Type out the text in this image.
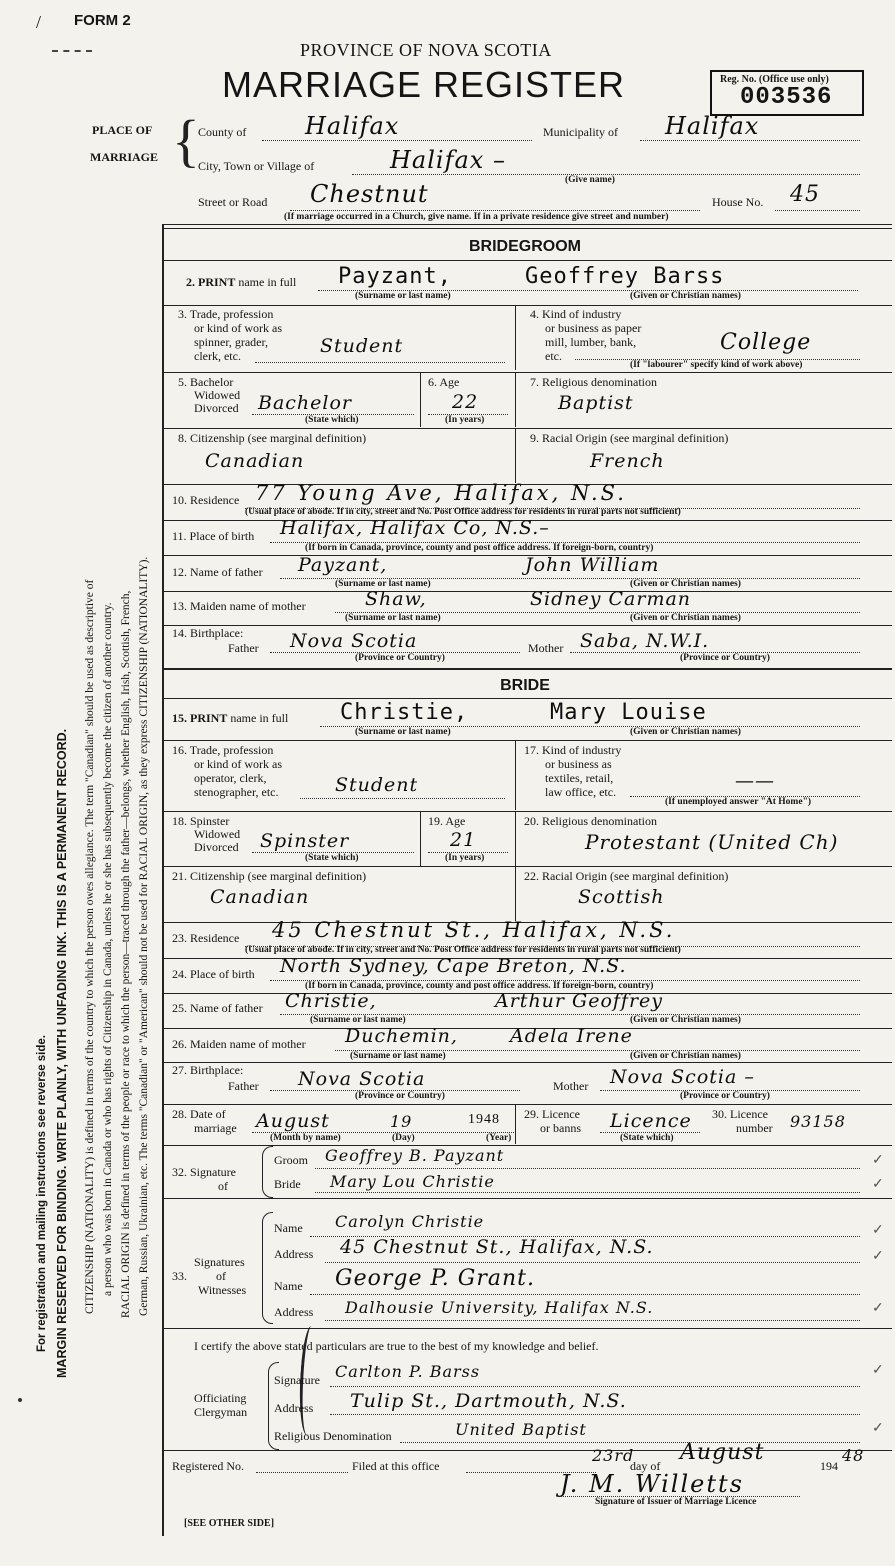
/ FORM 2
PROVINCE OF NOVA SCOTIA
MARRIAGE REGISTER	Reg. No. (Office use only)
003536
PLACE OF
MARRIAGE {
County of Halifax	Municipality of Halifax
City, Town or Village of	Halifax –
(Give name)
Street or Road Chestnut	House No. 45
(If marriage occurred in a Church, give name. If in a private residence give street and number)
For registration and mailing instructions see reverse side. MARGIN RESERVED FOR BINDING. WRITE PLAINLY, WITH UNFADING INK. THIS IS A PERMANENT RECORD. CITIZENSHIP (NATIONALITY) is defined in terms of the country to which the person owes allegiance. The term "Canadian" should be used as descriptive of a person who was born in Canada or who has rights of Citizenship in Canada, unless he or she has subsequently become the citizen of another country. RACIAL ORIGIN is defined in terms of the people or race to which the person—traced through the father—belongs, whether English, Irish, Scottish, French, German, Russian, Ukrainian, etc. The terms "Canadian" or "American" should not be used for RACIAL ORIGIN, as they express CITIZENSHIP (NATIONALITY).
BRIDEGROOM
2. PRINT name in full Payzant,	Geoffrey Barss
(Surname or last name)	(Given or Christian names)
3. Trade, profession
or kind of work as
spinner, grader,
clerk, etc.	Student
4. Kind of industry
or business as paper
mill, lumber, bank,
etc.
College
(If "labourer" specify kind of work above)
5. Bachelor
Widowed
Divorced Bachelor
(State which)
6. Age
22
(In years)
7. Religious denomination
Baptist
8. Citizenship (see marginal definition)
Canadian
9. Racial Origin (see marginal definition)
French
10. Residence 77 Young Ave, Halifax, N.S.
(Usual place of abode. If in city, street and No. Post Office address for residents in rural parts not sufficient)
11. Place of birth Halifax, Halifax Co, N.S.–
(If born in Canada, province, county and post office address. If foreign-born, country)
12. Name of father Payzant,	John William
(Surname or last name)	(Given or Christian names)
13. Maiden name of mother	Shaw,	Sidney Carman
(Surname or last name)	(Given or Christian names)
14. Birthplace:
Father Nova Scotia
(Province or Country)
Mother Saba, N.W.I.
(Province or Country)
BRIDE
15. PRINT name in full Christie,	Mary Louise
(Surname or last name)	(Given or Christian names)
16. Trade, profession
or kind of work as
operator, clerk,
stenographer, etc.	Student
17. Kind of industry
or business as
textiles, retail,
law office, etc.	——
(If unemployed answer "At Home")
18. Spinster
Widowed
Divorced Spinster
(State which)
19. Age
21
(In years)
20. Religious denomination
Protestant (United Ch)
21. Citizenship (see marginal definition)
Canadian
22. Racial Origin (see marginal definition)
Scottish
23. Residence 45 Chestnut St., Halifax, N.S.
(Usual place of abode. If in city, street and No. Post Office address for residents in rural parts not sufficient)
24. Place of birth North Sydney, Cape Breton, N.S.
(If born in Canada, province, county and post office address. If foreign-born, country)
25. Name of father Christie,	Arthur Geoffrey
(Surname or last name)	(Given or Christian names)
26. Maiden name of mother Duchemin,	Adela Irene
(Surname or last name)	(Given or Christian names)
27. Birthplace:
Father Nova Scotia
(Province or Country)
Mother Nova Scotia –
(Province or Country)
28. Date of
marriage August	19	1948
(Month by name)	(Day)	(Year)
29. Licence
or banns Licence
(State which)
30. Licence
number 93158
32. Signature
of
Groom Geoffrey B. Payzant
Bride Mary Lou Christie
Signatures
33. of
Witnesses
Name Carolyn Christie
Address 45 Chestnut St., Halifax, N.S.
Name George P. Grant.
Address Dalhousie University, Halifax N.S.
I certify the above stated particulars are true to the best of my knowledge and belief.
Officiating
Clergyman
Signature Carlton P. Barss
Address Tulip St., Dartmouth, N.S.
Religious Denomination	United Baptist
Registered No.	Filed at this office
23rd
day of
August
194
48
J. M. Willetts
Signature of Issuer of Marriage Licence
[SEE OTHER SIDE]
✓
✓
✓
✓
✓
✓
✓
